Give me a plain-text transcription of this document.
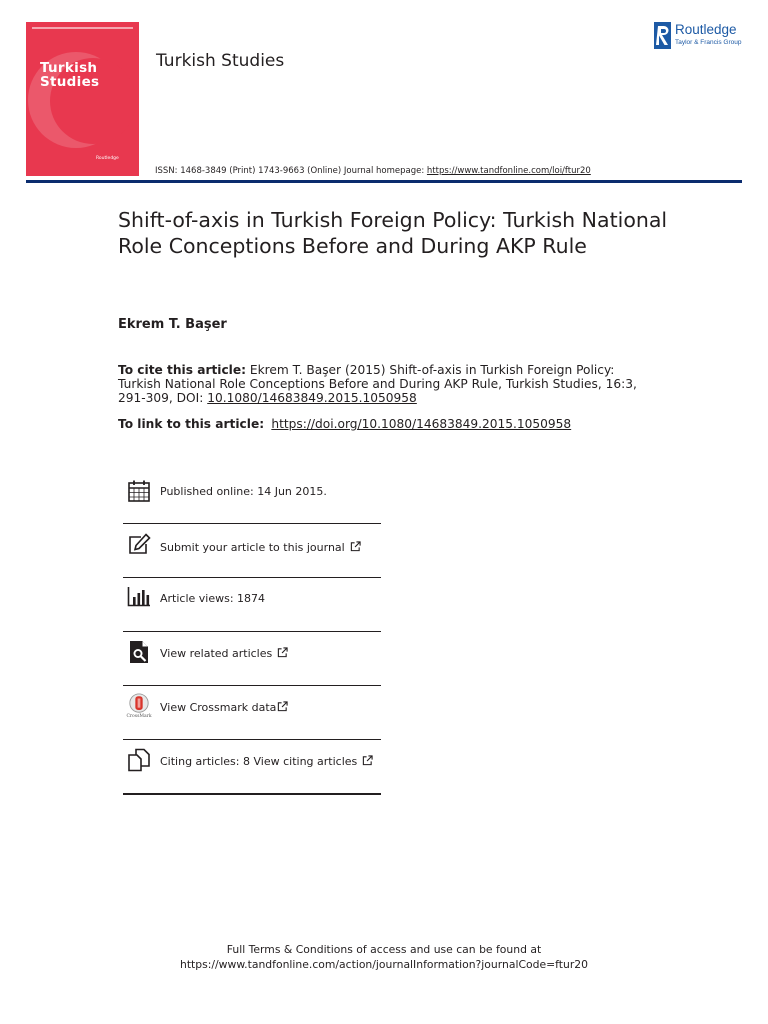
Turkish
Studies
Routledge
Turkish Studies
Routledge
Taylor & Francis Group
ISSN: 1468-3849 (Print) 1743-9663 (Online) Journal homepage: https://www.tandfonline.com/loi/ftur20
Shift-of-axis in Turkish Foreign Policy: Turkish National Role Conceptions Before and During AKP Rule
Ekrem T. Başer
To cite this article: Ekrem T. Başer (2015) Shift-of-axis in Turkish Foreign Policy: Turkish National Role Conceptions Before and During AKP Rule, Turkish Studies, 16:3, 291-309, DOI: 10.1080/14683849.2015.1050958
To link to this article: https://doi.org/10.1080/14683849.2015.1050958
Published online: 14 Jun 2015.
Submit your article to this journal
Article views: 1874
View related articles
CrossMark
View Crossmark data
Citing articles: 8 View citing articles
Full Terms & Conditions of access and use can be found at
https://www.tandfonline.com/action/journalInformation?journalCode=ftur20
